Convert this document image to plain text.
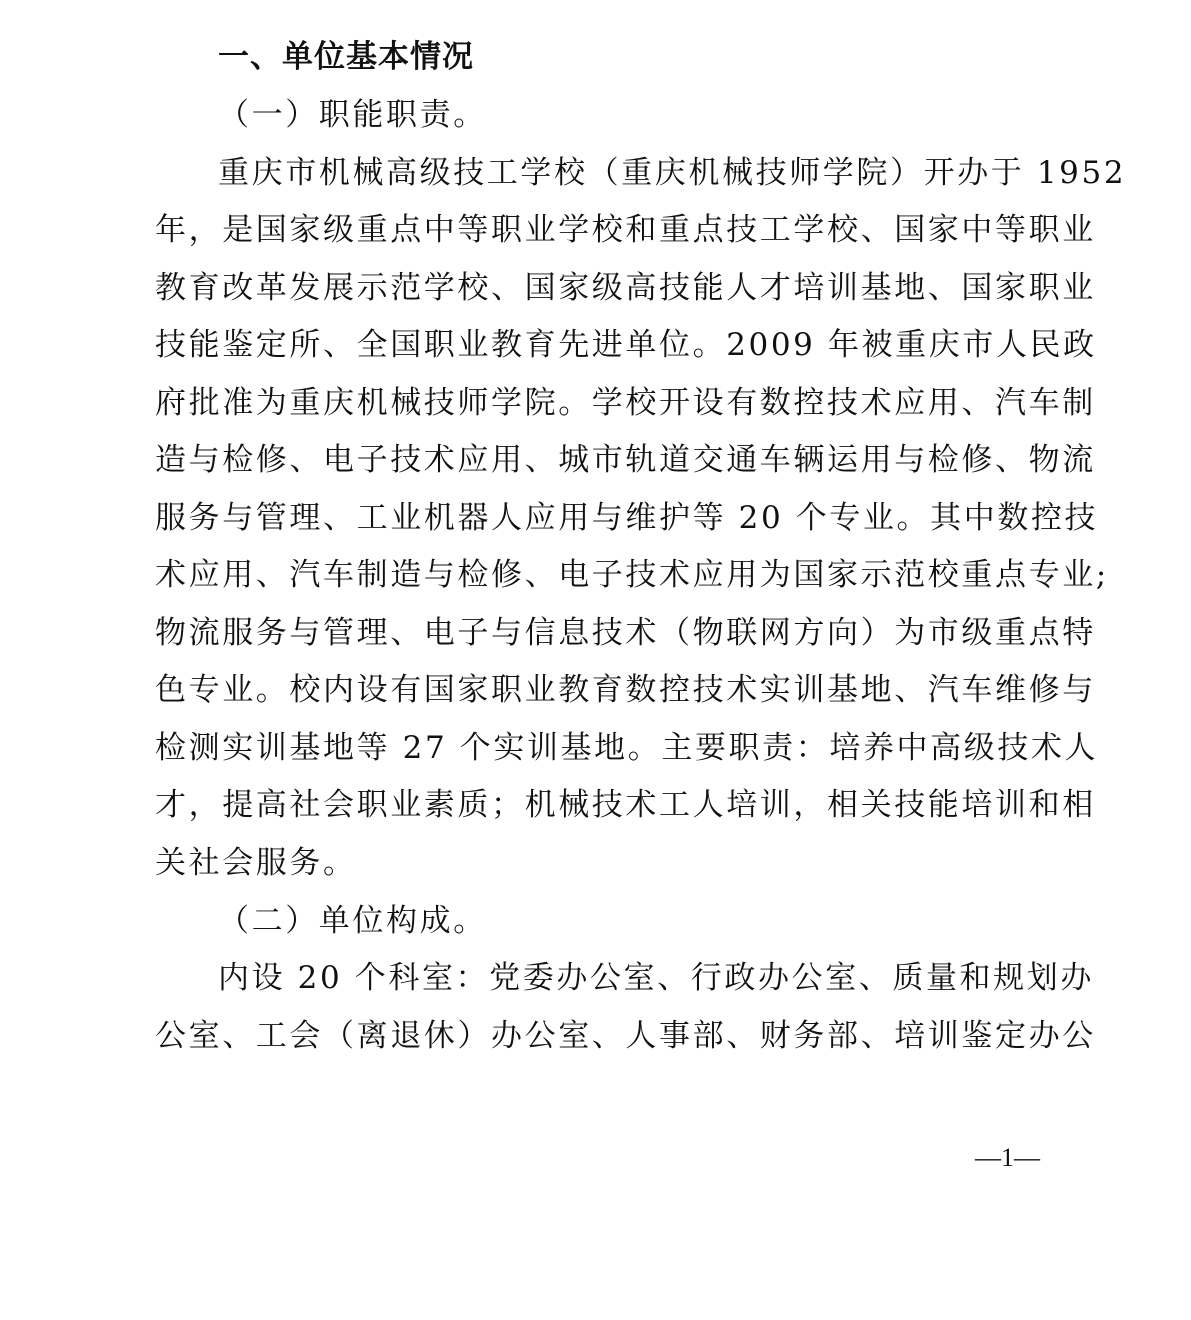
一、单位基本情况
（一）职能职责。
重庆市机械高级技工学校（重庆机械技师学院）开办于 1952
年，是国家级重点中等职业学校和重点技工学校、国家中等职业
教育改革发展示范学校、国家级高技能人才培训基地、国家职业
技能鉴定所、全国职业教育先进单位。2009 年被重庆市人民政
府批准为重庆机械技师学院。学校开设有数控技术应用、汽车制
造与检修、电子技术应用、城市轨道交通车辆运用与检修、物流
服务与管理、工业机器人应用与维护等 20 个专业。其中数控技
术应用、汽车制造与检修、电子技术应用为国家示范校重点专业;
物流服务与管理、电子与信息技术（物联网方向）为市级重点特
色专业。校内设有国家职业教育数控技术实训基地、汽车维修与
检测实训基地等 27 个实训基地。主要职责：培养中高级技术人
才，提高社会职业素质；机械技术工人培训，相关技能培训和相
关社会服务。
（二）单位构成。
内设 20 个科室：党委办公室、行政办公室、质量和规划办
公室、工会（离退休）办公室、人事部、财务部、培训鉴定办公
—1—
